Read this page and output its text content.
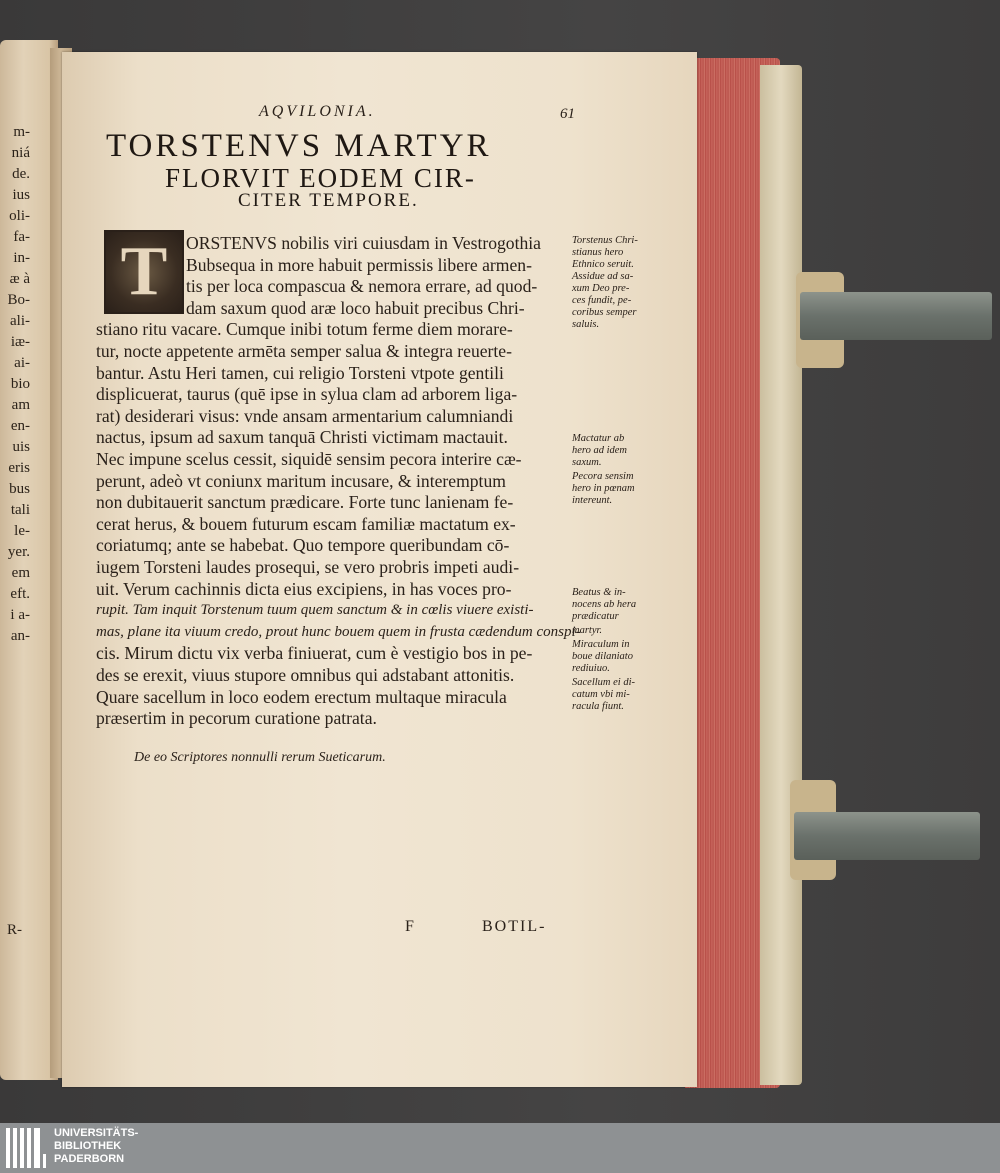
m-
niá
de.
ius
oli-
fa-
in-
æ à
Bo-
ali-
iæ-
ai-
bio
am
en-
uis
eris
bus
tali
le-
yer.
em
eft.
i a-
an-
R-
AQVILONIA.	61
TORSTENVS MARTYR
FLORVIT EODEM CIR-
CITER TEMPORE.
T	ORSTENVS nobilis viri cuiusdam in Vestrogothia
Bubsequa in more habuit permissis libere armen-
tis per loca compascua & nemora errare, ad quod-
dam saxum quod aræ loco habuit precibus Chri-
stiano ritu vacare. Cumque inibi totum ferme diem morare-
tur, nocte appetente armēta semper salua & integra reuerte-
bantur. Astu Heri tamen, cui religio Torsteni vtpote gentili
displicuerat, taurus (quē ipse in sylua clam ad arborem liga-
rat) desiderari visus: vnde ansam armentarium calumniandi
nactus, ipsum ad saxum tanquā Christi victimam mactauit.
Nec impune scelus cessit, siquidē sensim pecora interire cæ-
perunt, adeò vt coniunx maritum incusare, & interemptum
non dubitauerit sanctum prædicare. Forte tunc lanienam fe-
cerat herus, & bouem futurum escam familiæ mactatum ex-
coriatumq; ante se habebat. Quo tempore queribundam cō-
iugem Torsteni laudes prosequi, se vero probris impeti audi-
uit. Verum cachinnis dicta eius excipiens, in has voces pro-
rupit. Tam inquit Torstenum tuum quem sanctum & in cœlis viuere existi-
mas, plane ita viuum credo, prout hunc bouem quem in frusta cædendum conspi-
cis. Mirum dictu vix verba finiuerat, cum è vestigio bos in pe-
des se erexit, viuus stupore omnibus qui adstabant attonitis.
Quare sacellum in loco eodem erectum multaque miracula
præsertim in pecorum curatione patrata.
Torstenus Chri-
stianus hero
Ethnico seruit.
Assidue ad sa-
xum Deo pre-
ces fundit, pe-
coribus semper
saluis.
Mactatur ab
hero ad idem
saxum.
Pecora sensim
hero in pœnam
intereunt.
Beatus & in-
nocens ab hera
prædicatur
martyr.
Miraculum in
boue dilaniato
rediuiuo.
Sacellum ei di-
catum vbi mi-
racula fiunt.
De eo Scriptores nonnulli rerum Sueticarum.
F	BOTIL-
UNIVERSITÄTS-
BIBLIOTHEK
PADERBORN
